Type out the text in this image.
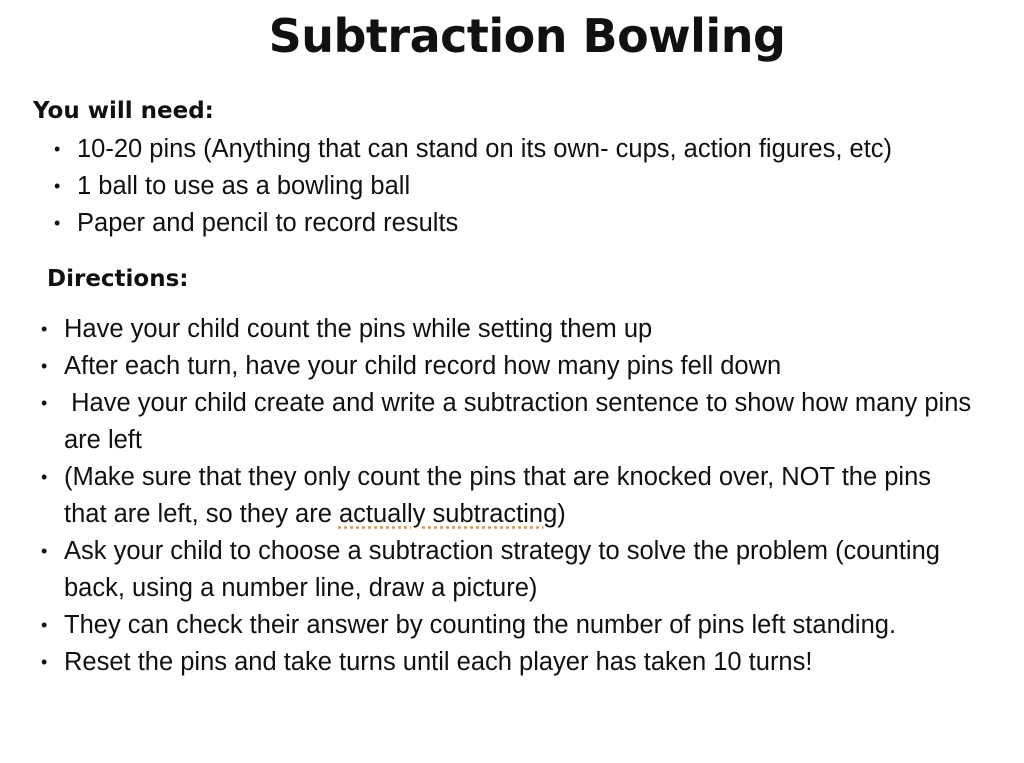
Subtraction Bowling
You will need:
• 10-20 pins (Anything that can stand on its own- cups, action figures, etc)
• 1 ball to use as a bowling ball
• Paper and pencil to record results
Directions:
• Have your child count the pins while setting them up
• After each turn, have your child record how many pins fell down
• Have your child create and write a subtraction sentence to show how many pins are left
• (Make sure that they only count the pins that are knocked over, NOT the pins that are left, so they are actually subtracting)
• Ask your child to choose a subtraction strategy to solve the problem (counting back, using a number line, draw a picture)
• They can check their answer by counting the number of pins left standing.
• Reset the pins and take turns until each player has taken 10 turns!
